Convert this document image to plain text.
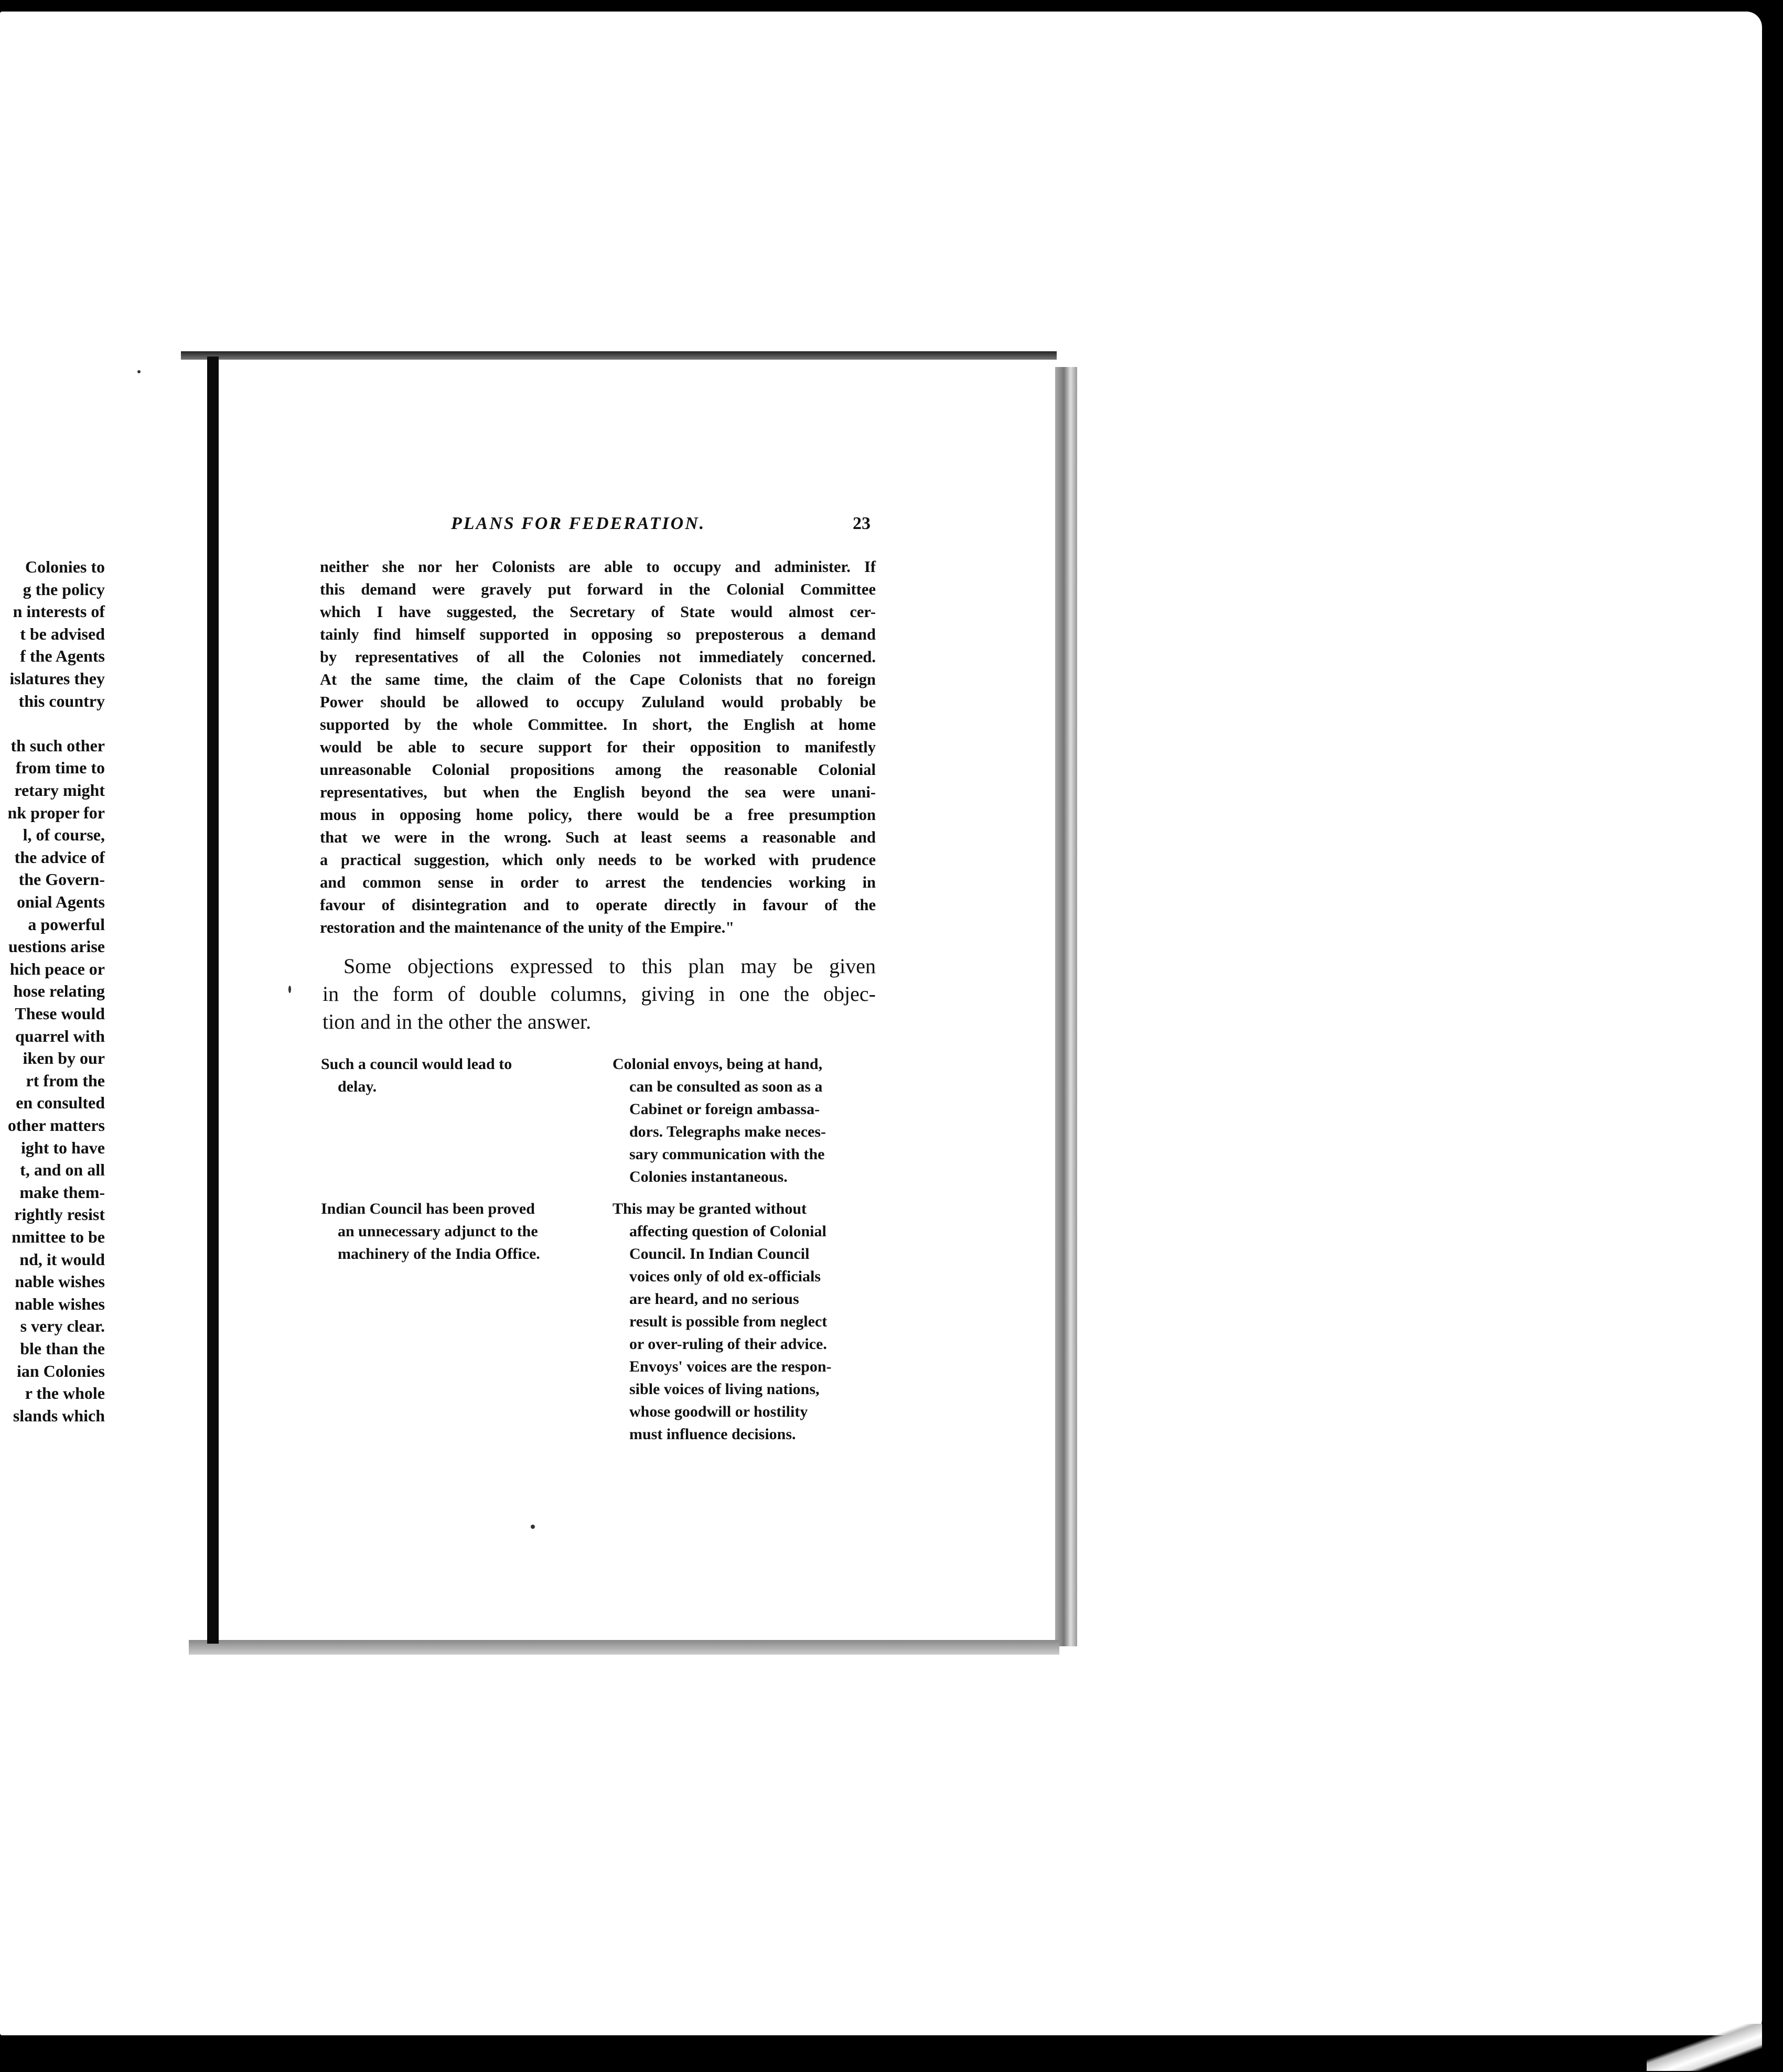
Colonies to
g the policy
n interests of
t be advised
f the Agents
islatures they
this country
th such other
from time to
retary might
nk proper for
l, of course,
the advice of
the Govern-
onial Agents
a powerful
uestions arise
hich peace or
hose relating
These would
quarrel with
iken by our
rt from the
en consulted
other matters
ight to have
t, and on all
make them-
rightly resist
nmittee to be
nd, it would
nable wishes
nable wishes
s very clear.
ble than the
ian Colonies
r the whole
slands which
PLANS FOR FEDERATION.	23
neither she nor her Colonists are able to occupy and administer. If
this demand were gravely put forward in the Colonial Committee
which I have suggested, the Secretary of State would almost cer-
tainly find himself supported in opposing so preposterous a demand
by representatives of all the Colonies not immediately concerned.
At the same time, the claim of the Cape Colonists that no foreign
Power should be allowed to occupy Zululand would probably be
supported by the whole Committee. In short, the English at home
would be able to secure support for their opposition to manifestly
unreasonable Colonial propositions among the reasonable Colonial
representatives, but when the English beyond the sea were unani-
mous in opposing home policy, there would be a free presumption
that we were in the wrong. Such at least seems a reasonable and
a practical suggestion, which only needs to be worked with prudence
and common sense in order to arrest the tendencies working in
favour of disintegration and to operate directly in favour of the
restoration and the maintenance of the unity of the Empire."
Some objections expressed to this plan may be given
in the form of double columns, giving in one the objec-
tion and in the other the answer.
Such a council would lead to
delay.
Colonial envoys, being at hand,
can be consulted as soon as a
Cabinet or foreign ambassa-
dors. Telegraphs make neces-
sary communication with the
Colonies instantaneous.
Indian Council has been proved
an unnecessary adjunct to the
machinery of the India Office.
This may be granted without
affecting question of Colonial
Council. In Indian Council
voices only of old ex-officials
are heard, and no serious
result is possible from neglect
or over-ruling of their advice.
Envoys' voices are the respon-
sible voices of living nations,
whose goodwill or hostility
must influence decisions.
